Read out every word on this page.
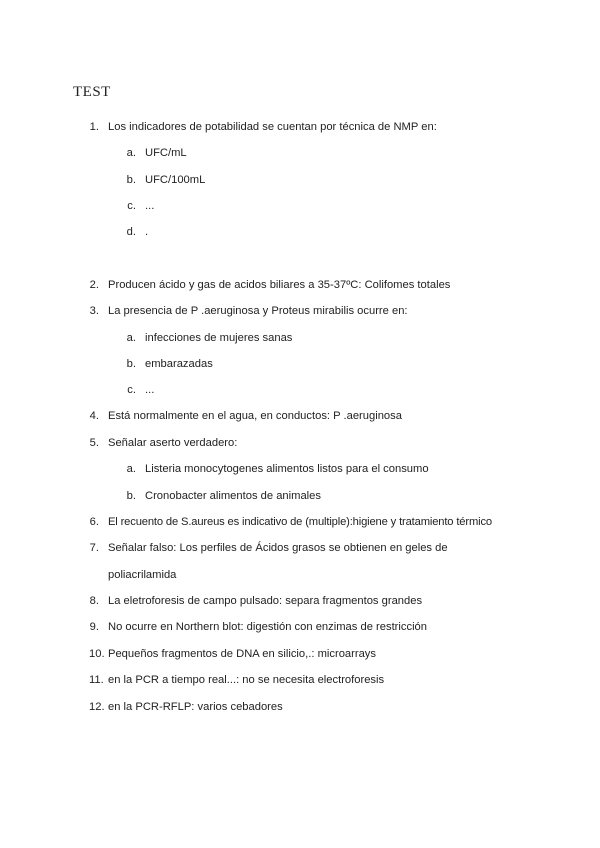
TEST
1. Los indicadores de potabilidad se cuentan por técnica de NMP en:
a. UFC/mL
b. UFC/100mL
c. ...
d. .
2. Producen ácido y gas de acidos biliares a 35-37ºC: Colifomes totales
3. La presencia de P .aeruginosa y Proteus mirabilis ocurre en:
a. infecciones de mujeres sanas
b. embarazadas
c. ...
4. Está normalmente en el agua, en conductos: P .aeruginosa
5. Señalar aserto verdadero:
a. Listeria monocytogenes alimentos listos para el consumo
b. Cronobacter alimentos de animales
6. El recuento de S.aureus es indicativo de (multiple):higiene y tratamiento térmico
7. Señalar falso: Los perfiles de Ácidos grasos se obtienen en geles de
poliacrilamida
8. La eletroforesis de campo pulsado: separa fragmentos grandes
9. No ocurre en Northern blot: digestión con enzimas de restricción
10. Pequeños fragmentos de DNA en silicio,.: microarrays
11. en la PCR a tiempo real...: no se necesita electroforesis
12. en la PCR-RFLP: varios cebadores
